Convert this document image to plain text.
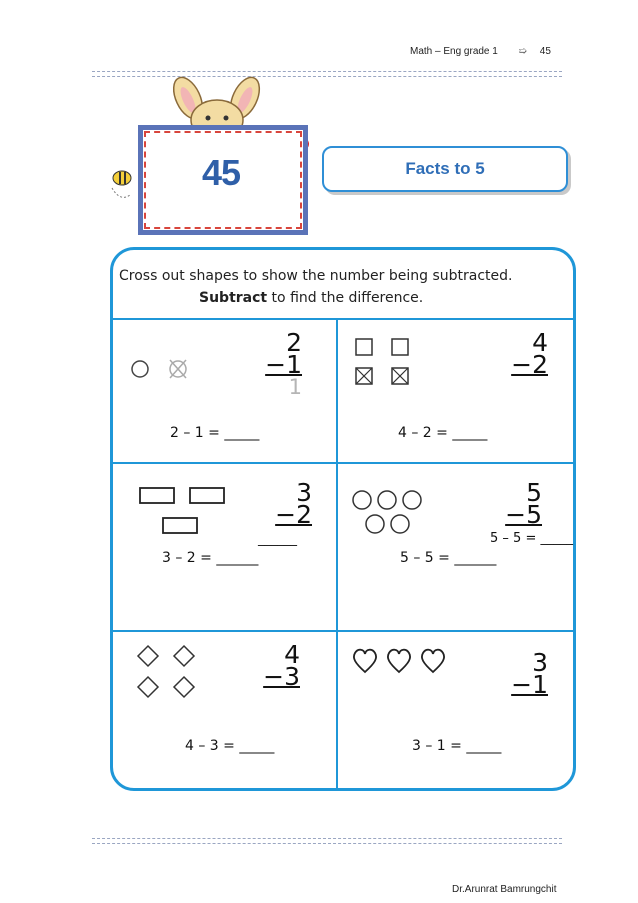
Math – Eng grade 1 ➯ 45
45	Facts to 5
Cross out shapes to show the number being subtracted.
Subtract to find the difference.
2
−1
1
2 – 1 = _____
4
−2
4 – 2 = _____
3
−2
______
3 – 2 = ______
5
−5
5 – 5 = _____
5 – 5 = ______
4
−3
4 – 3 = _____
3
−1
3 – 1 = _____
Dr.Arunrat Bamrungchit
